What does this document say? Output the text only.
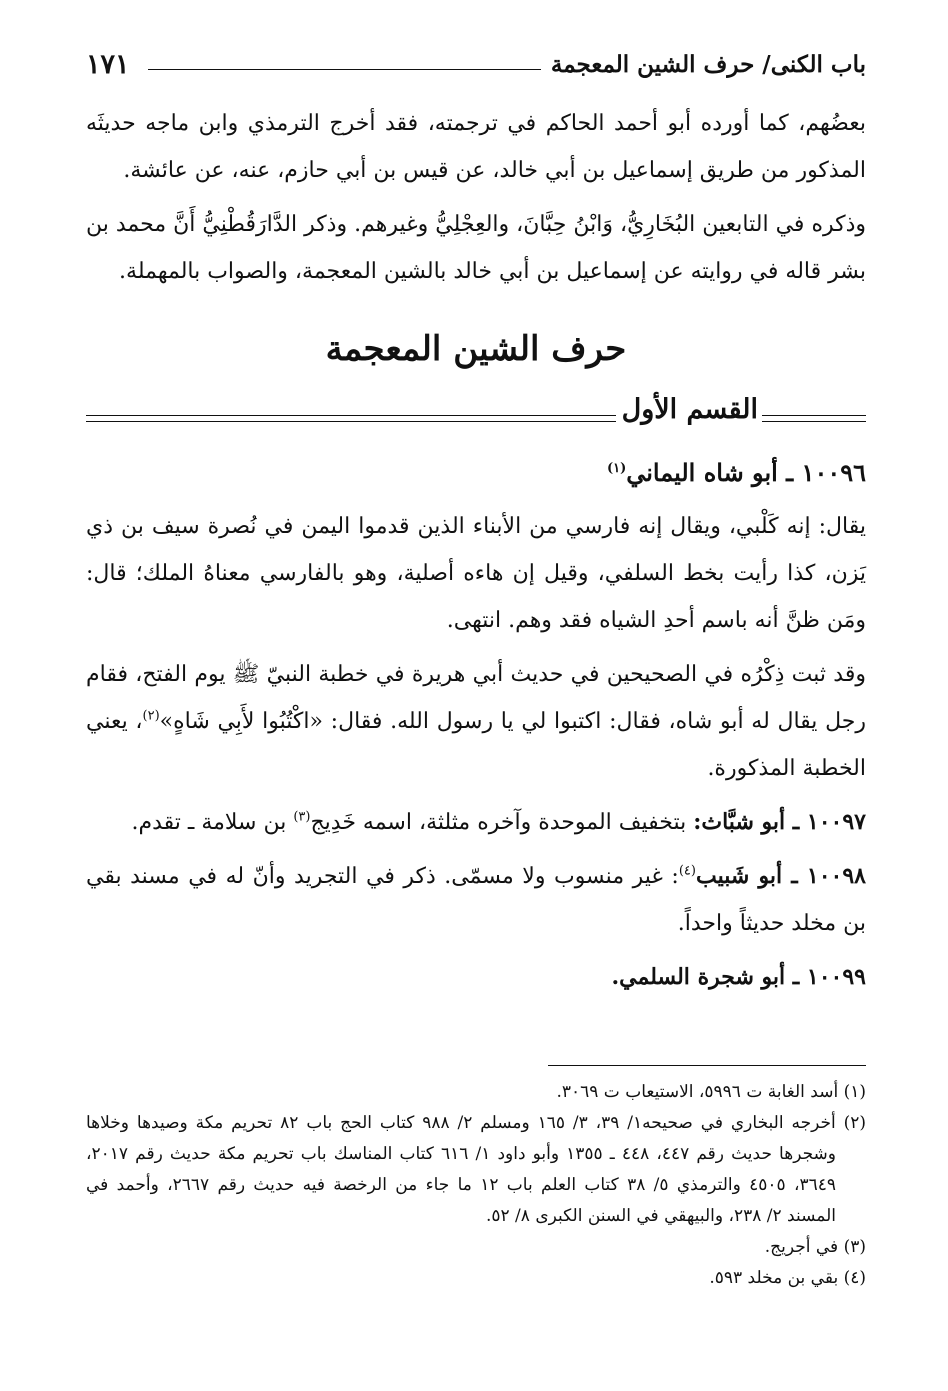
١٧١	باب الكنى/ حرف الشين المعجمة

بعضُهم، كما أورده أبو أحمد الحاكم في ترجمته، فقد أخرج الترمذي وابن ماجه حديثَه المذكور من طريق إسماعيل بن أبي خالد، عن قيس بن أبي حازم، عنه، عن عائشة.

وذكره في التابعين البُخَارِيُّ، وَابْنُ حِبَّانَ، والعِجْلِيُّ وغيرهم. وذكر الدَّارَقُطْنِيُّ أَنَّ محمد بن بشر قاله في روايته عن إسماعيل بن أبي خالد بالشين المعجمة، والصواب بالمهملة.

حرف الشين المعجمة
القسم الأول

١٠٠٩٦ ـ أبو شاه اليماني$^{(١)}$

يقال: إنه كَلْبي، ويقال إنه فارسي من الأبناء الذين قدموا اليمن في نُصرة سيف بن ذي يَزن، كذا رأيت بخط السلفي، وقيل إن هاءه أصلية، وهو بالفارسي معناهُ الملك؛ قال: ومَن ظنَّ أنه باسم أحدِ الشياه فقد وهم. انتهى.

وقد ثبت ذِكْرُه في الصحيحين في حديث أبي هريرة في خطبة النبيّ ﷺ يوم الفتح، فقام رجل يقال له أبو شاه، فقال: اكتبوا لي يا رسول الله. فقال: «اكْتُبُوا لأَبِي شَاهٍ»$^{(٢)}$، يعني الخطبة المذكورة.

١٠٠٩٧ ـ أبو شبَّاث: بتخفيف الموحدة وآخره مثلثة، اسمه خَدِيج$^{(٣)}$ بن سلامة ـ تقدم.

١٠٠٩٨ ـ أبو شَبيب$^{(٤)}$: غير منسوب ولا مسمّى. ذكر في التجريد وأنّ له في مسند بقي بن مخلد حديثاً واحداً.

١٠٠٩٩ ـ أبو شجرة السلمي.

(١) أسد الغابة ت ٥٩٩٦، الاستيعاب ت ٣٠٦٩.

(٢) أخرجه البخاري في صحيحه١/ ٣٩، ٣/ ١٦٥ ومسلم ٢/ ٩٨٨ كتاب الحج باب ٨٢ تحريم مكة وصيدها وخلاها وشجرها حديث رقم ٤٤٧، ٤٤٨ ـ ١٣٥٥ وأبو داود ١/ ٦١٦ كتاب المناسك باب تحريم مكة حديث رقم ٢٠١٧، ٣٦٤٩، ٤٥٠٥ والترمذي ٥/ ٣٨ كتاب العلم باب ١٢ ما جاء من الرخصة فيه حديث رقم ٢٦٦٧، وأحمد في المسند ٢/ ٢٣٨، والبيهقي في السنن الكبرى ٨/ ٥٢.

(٣) في أجريج.

(٤) بقي بن مخلد ٥٩٣.
